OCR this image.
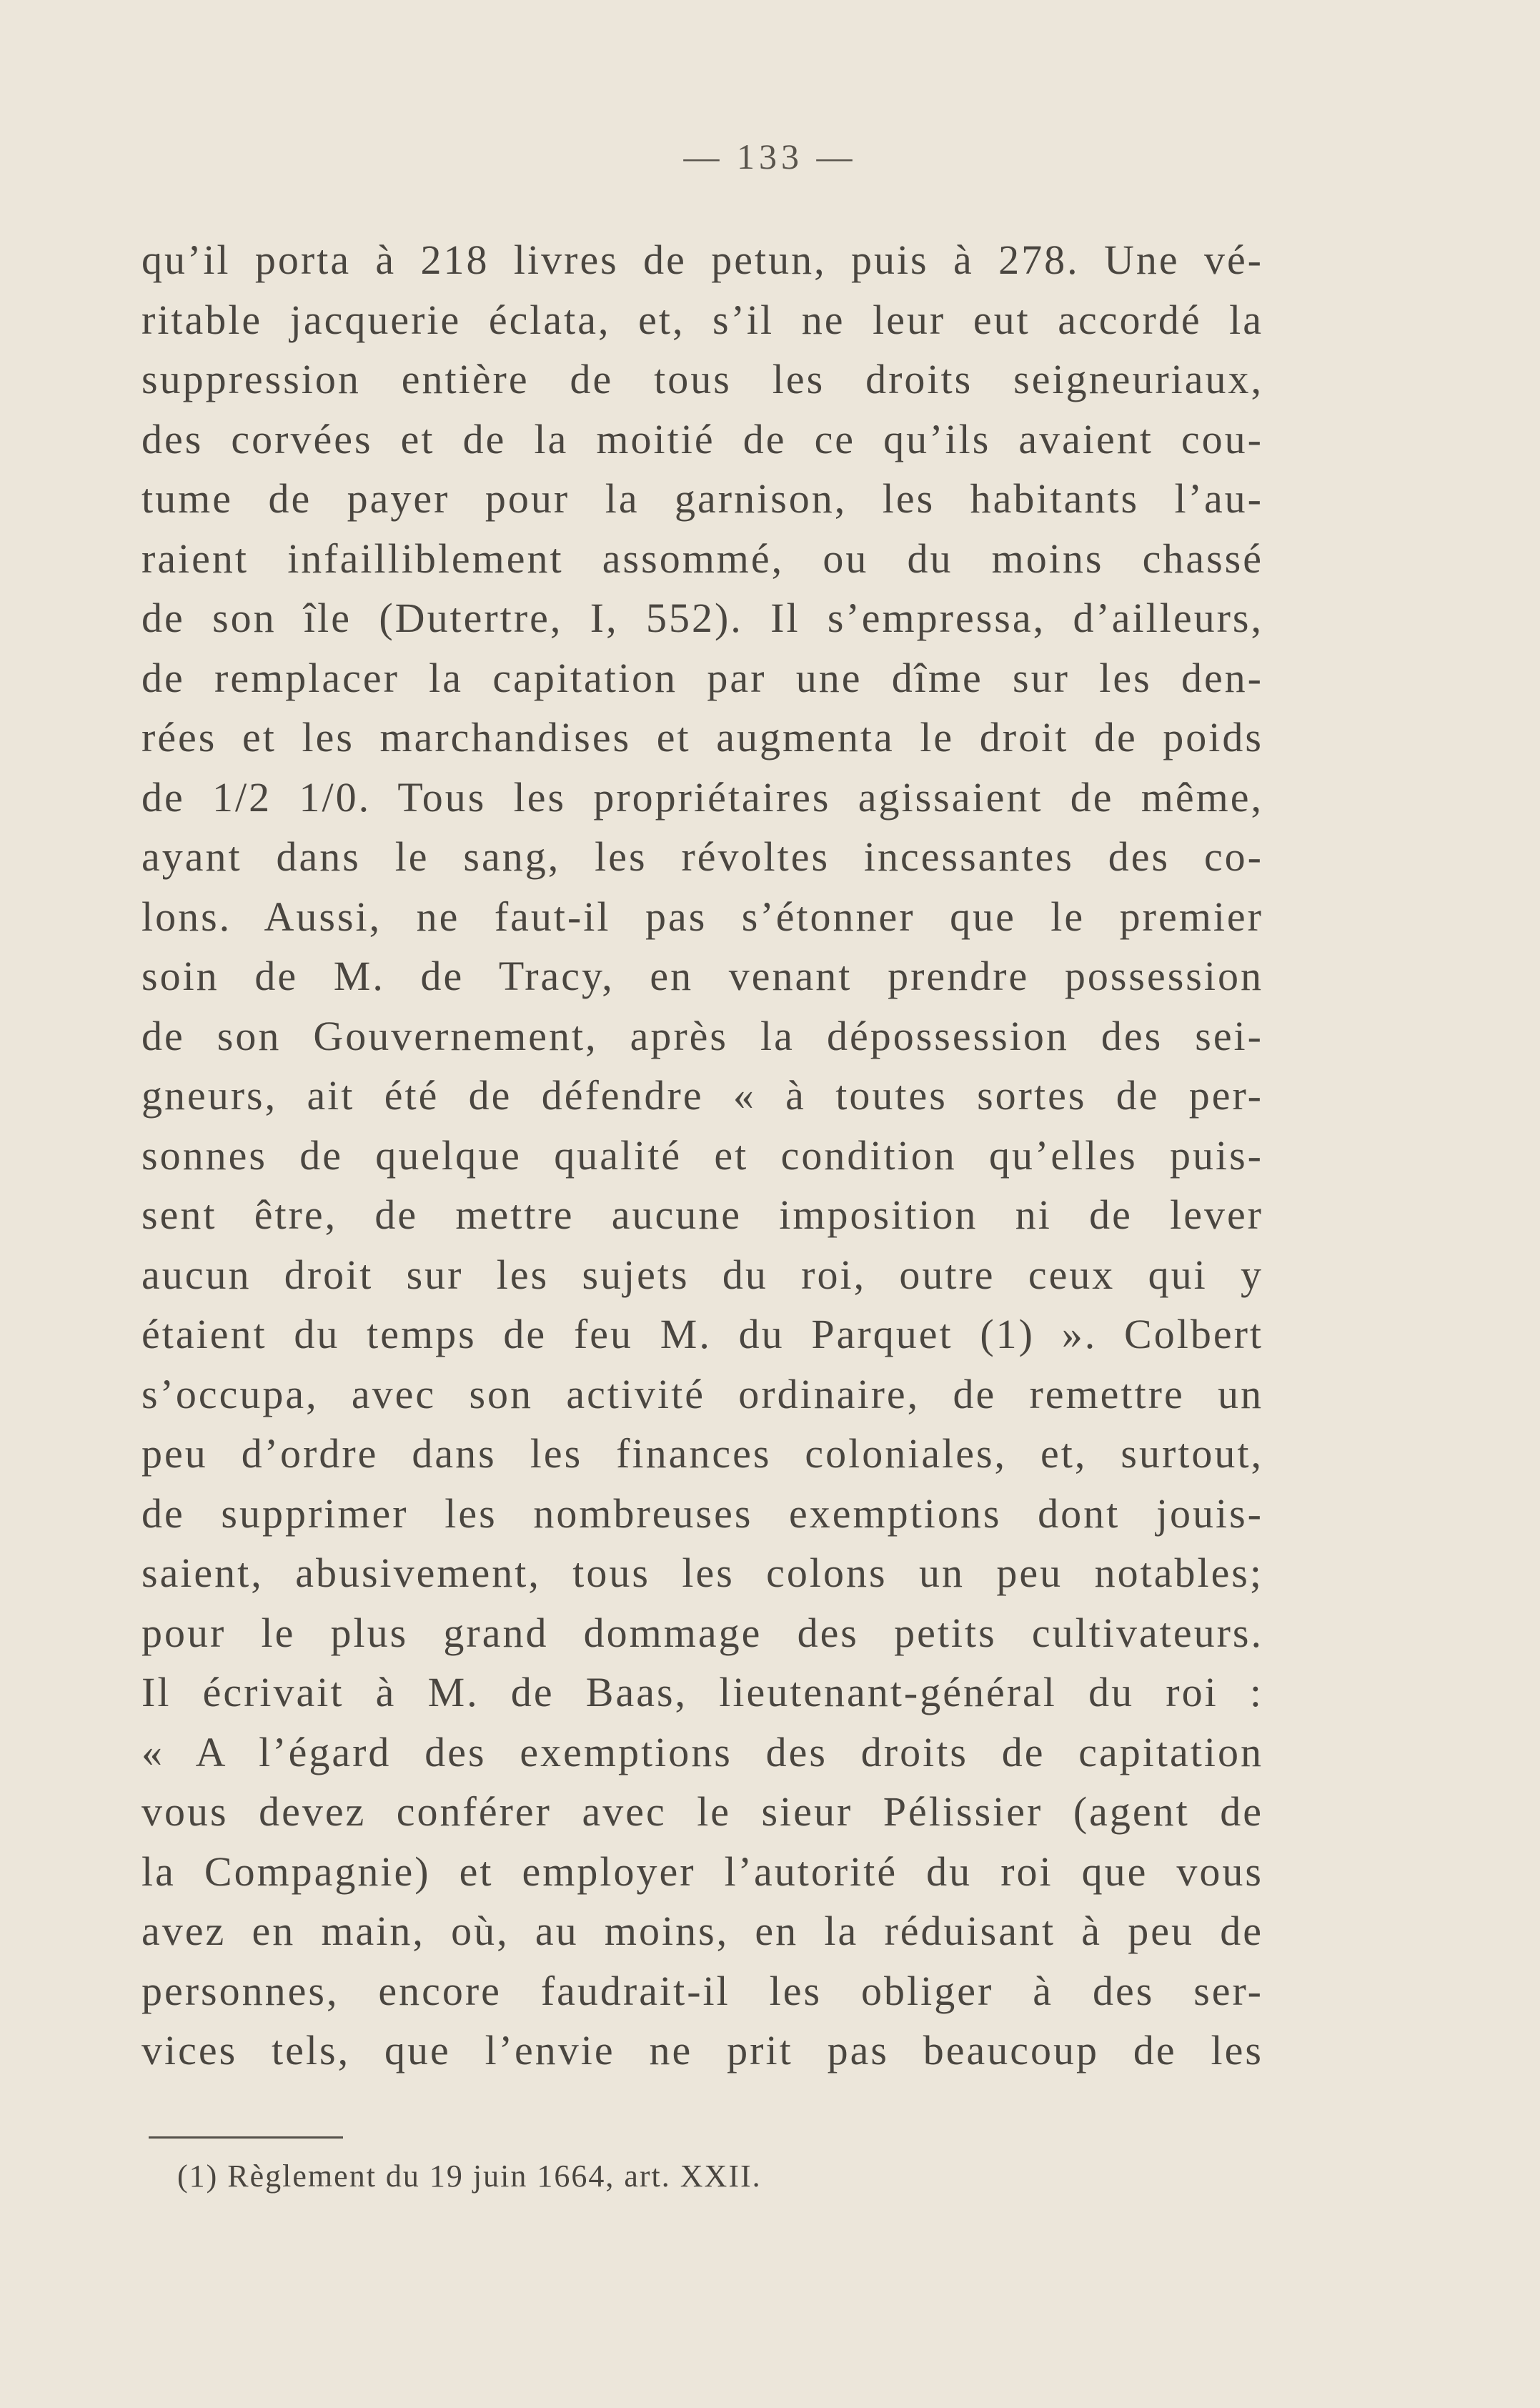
— 133 —
qu’il porta à 218 livres de petun, puis à 278. Une vé-
ritable jacquerie éclata, et, s’il ne leur eut accordé la
suppression entière de tous les droits seigneuriaux,
des corvées et de la moitié de ce qu’ils avaient cou-
tume de payer pour la garnison, les habitants l’au-
raient infailliblement assommé, ou du moins chassé
de son île (Dutertre, I, 552). Il s’empressa, d’ailleurs,
de remplacer la capitation par une dîme sur les den-
rées et les marchandises et augmenta le droit de poids
de 1/2 1/0. Tous les propriétaires agissaient de même,
ayant dans le sang, les révoltes incessantes des co-
lons. Aussi, ne faut-il pas s’étonner que le premier
soin de M. de Tracy, en venant prendre possession
de son Gouvernement, après la dépossession des sei-
gneurs, ait été de défendre « à toutes sortes de per-
sonnes de quelque qualité et condition qu’elles puis-
sent être, de mettre aucune imposition ni de lever
aucun droit sur les sujets du roi, outre ceux qui y
étaient du temps de feu M. du Parquet (1) ». Colbert
s’occupa, avec son activité ordinaire, de remettre un
peu d’ordre dans les finances coloniales, et, surtout,
de supprimer les nombreuses exemptions dont jouis-
saient, abusivement, tous les colons un peu notables;
pour le plus grand dommage des petits cultivateurs.
Il écrivait à M. de Baas, lieutenant-général du roi :
« A l’égard des exemptions des droits de capitation
vous devez conférer avec le sieur Pélissier (agent de
la Compagnie) et employer l’autorité du roi que vous
avez en main, où, au moins, en la réduisant à peu de
personnes, encore faudrait-il les obliger à des ser-
vices tels, que l’envie ne prit pas beaucoup de les
(1) Règlement du 19 juin 1664, art. XXII.
